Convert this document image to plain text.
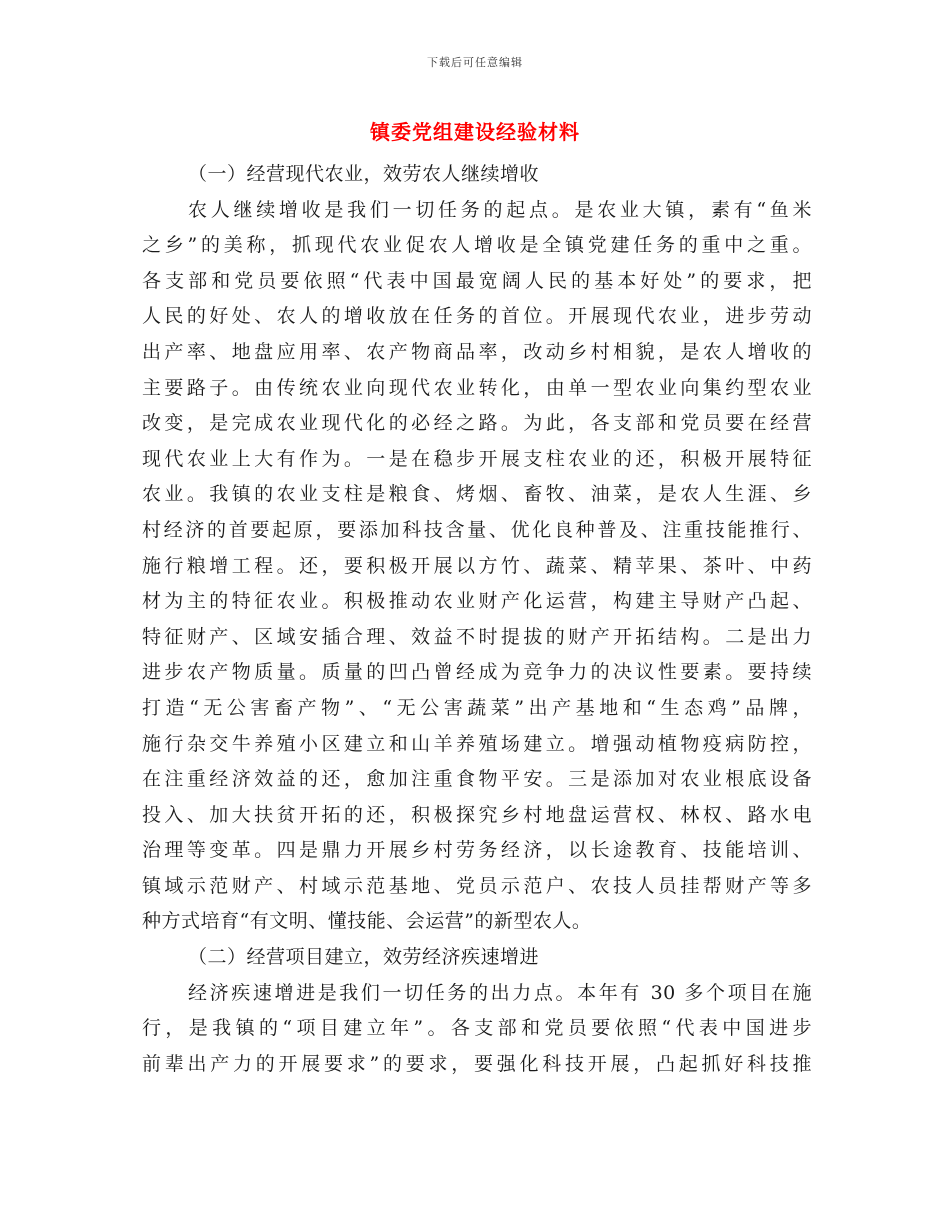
下载后可任意编辑
镇委党组建设经验材料
（一）经营现代农业，效劳农人继续增收
农人继续增收是我们一切任务的起点。是农业大镇，素有“鱼米
之乡”的美称，抓现代农业促农人增收是全镇党建任务的重中之重。
各支部和党员要依照“代表中国最宽阔人民的基本好处”的要求，把
人民的好处、农人的增收放在任务的首位。开展现代农业，进步劳动
出产率、地盘应用率、农产物商品率，改动乡村相貌，是农人增收的
主要路子。由传统农业向现代农业转化，由单一型农业向集约型农业
改变，是完成农业现代化的必经之路。为此，各支部和党员要在经营
现代农业上大有作为。一是在稳步开展支柱农业的还，积极开展特征
农业。我镇的农业支柱是粮食、烤烟、畜牧、油菜，是农人生涯、乡
村经济的首要起原，要添加科技含量、优化良种普及、注重技能推行、
施行粮增工程。还，要积极开展以方竹、蔬菜、精苹果、茶叶、中药
材为主的特征农业。积极推动农业财产化运营，构建主导财产凸起、
特征财产、区域安插合理、效益不时提拔的财产开拓结构。二是出力
进步农产物质量。质量的凹凸曾经成为竞争力的决议性要素。要持续
打造“无公害畜产物”、“无公害蔬菜”出产基地和“生态鸡”品牌，
施行杂交牛养殖小区建立和山羊养殖场建立。增强动植物疫病防控，
在注重经济效益的还，愈加注重食物平安。三是添加对农业根底设备
投入、加大扶贫开拓的还，积极探究乡村地盘运营权、林权、路水电
治理等变革。四是鼎力开展乡村劳务经济，以长途教育、技能培训、
镇域示范财产、村域示范基地、党员示范户、农技人员挂帮财产等多
种方式培育“有文明、懂技能、会运营”的新型农人。
（二）经营项目建立，效劳经济疾速增进
经济疾速增进是我们一切任务的出力点。本年有 30 多个项目在施
行，是我镇的“项目建立年”。各支部和党员要依照“代表中国进步
前辈出产力的开展要求”的要求，要强化科技开展，凸起抓好科技推
